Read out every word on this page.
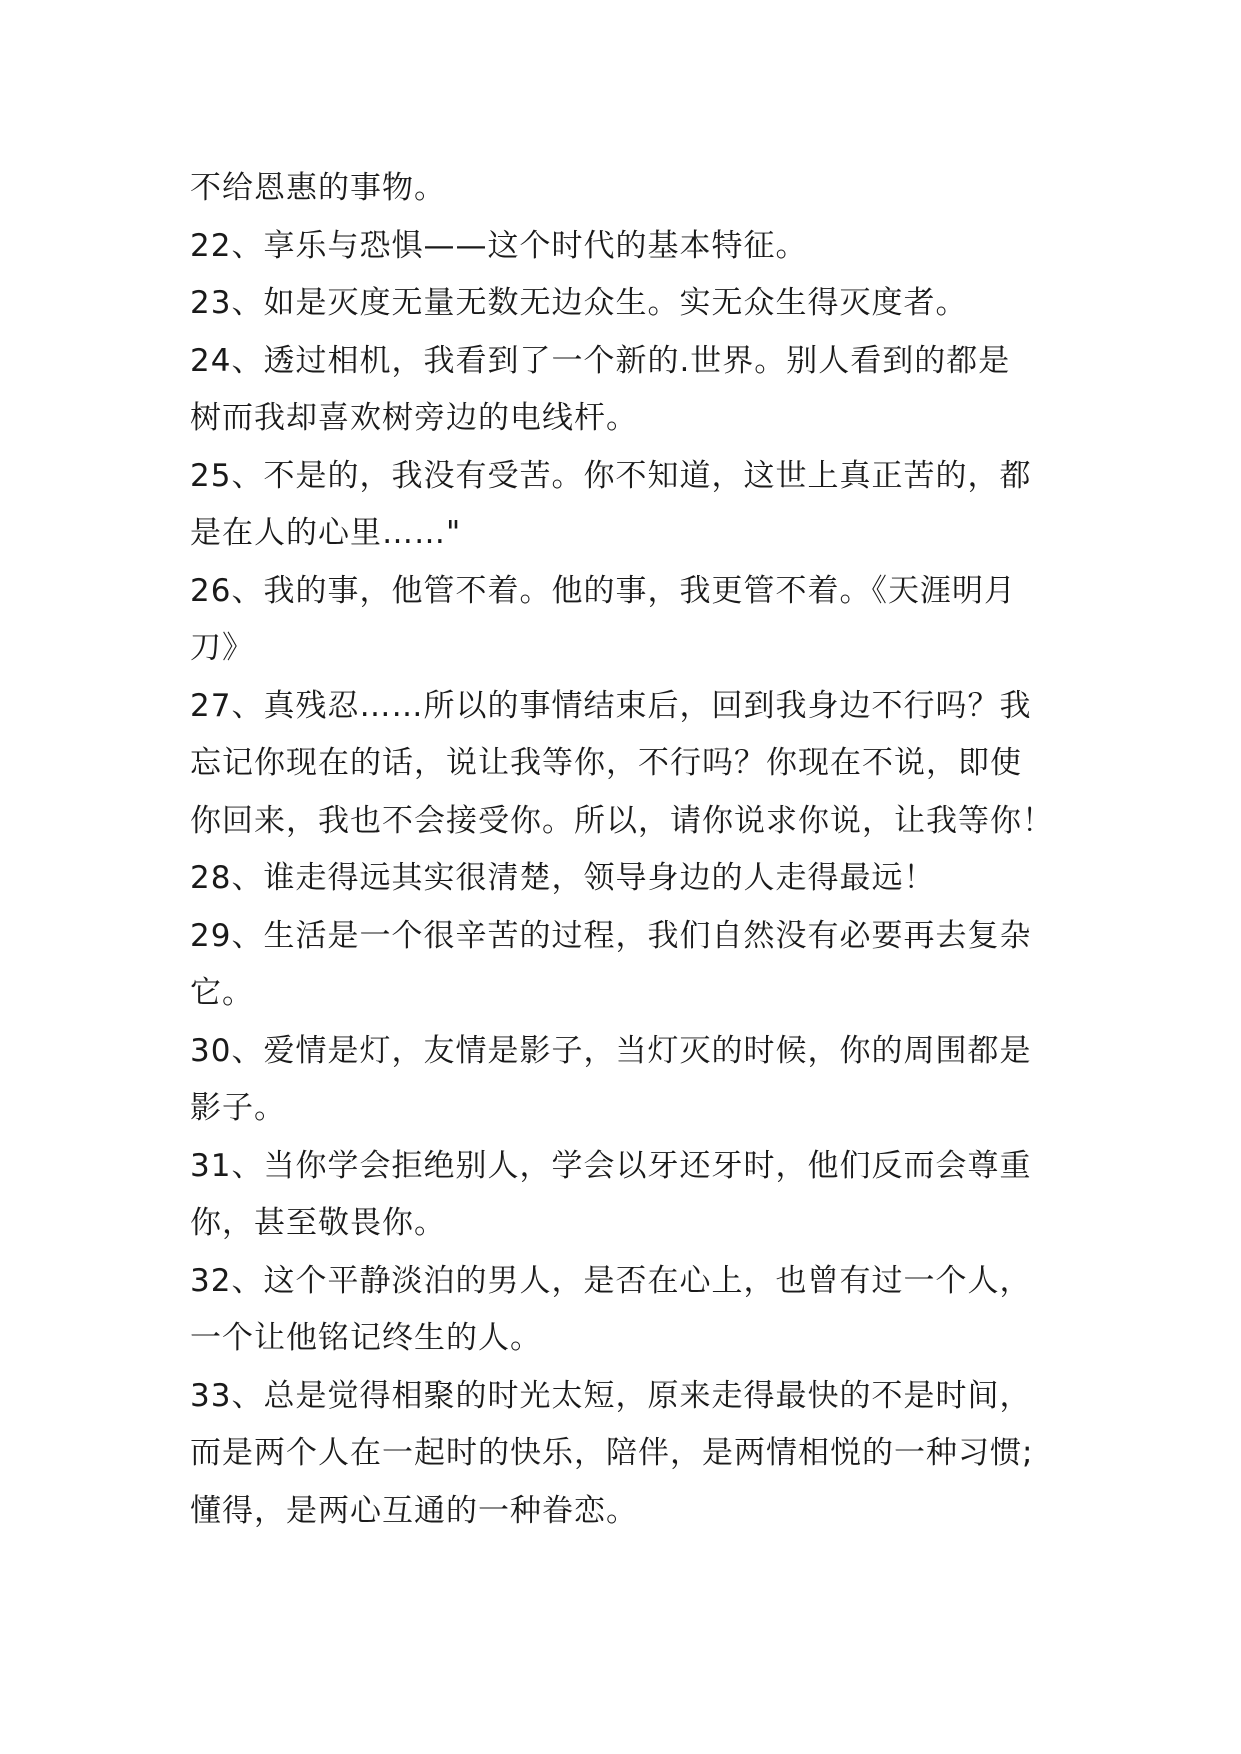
不给恩惠的事物。
22、享乐与恐惧——这个时代的基本特征。
23、如是灭度无量无数无边众生。实无众生得灭度者。
24、透过相机，我看到了一个新的.世界。别人看到的都是
树而我却喜欢树旁边的电线杆。
25、不是的，我没有受苦。你不知道，这世上真正苦的，都
是在人的心里……"
26、我的事，他管不着。他的事，我更管不着。《天涯明月
刀》
27、真残忍……所以的事情结束后，回到我身边不行吗？我
忘记你现在的话，说让我等你，不行吗？你现在不说，即使
你回来，我也不会接受你。所以，请你说求你说，让我等你！
28、谁走得远其实很清楚，领导身边的人走得最远！
29、生活是一个很辛苦的过程，我们自然没有必要再去复杂
它。
30、爱情是灯，友情是影子，当灯灭的时候，你的周围都是
影子。
31、当你学会拒绝别人，学会以牙还牙时，他们反而会尊重
你，甚至敬畏你。
32、这个平静淡泊的男人，是否在心上，也曾有过一个人，
一个让他铭记终生的人。
33、总是觉得相聚的时光太短，原来走得最快的不是时间，
而是两个人在一起时的快乐，陪伴，是两情相悦的一种习惯;
懂得，是两心互通的一种眷恋。
